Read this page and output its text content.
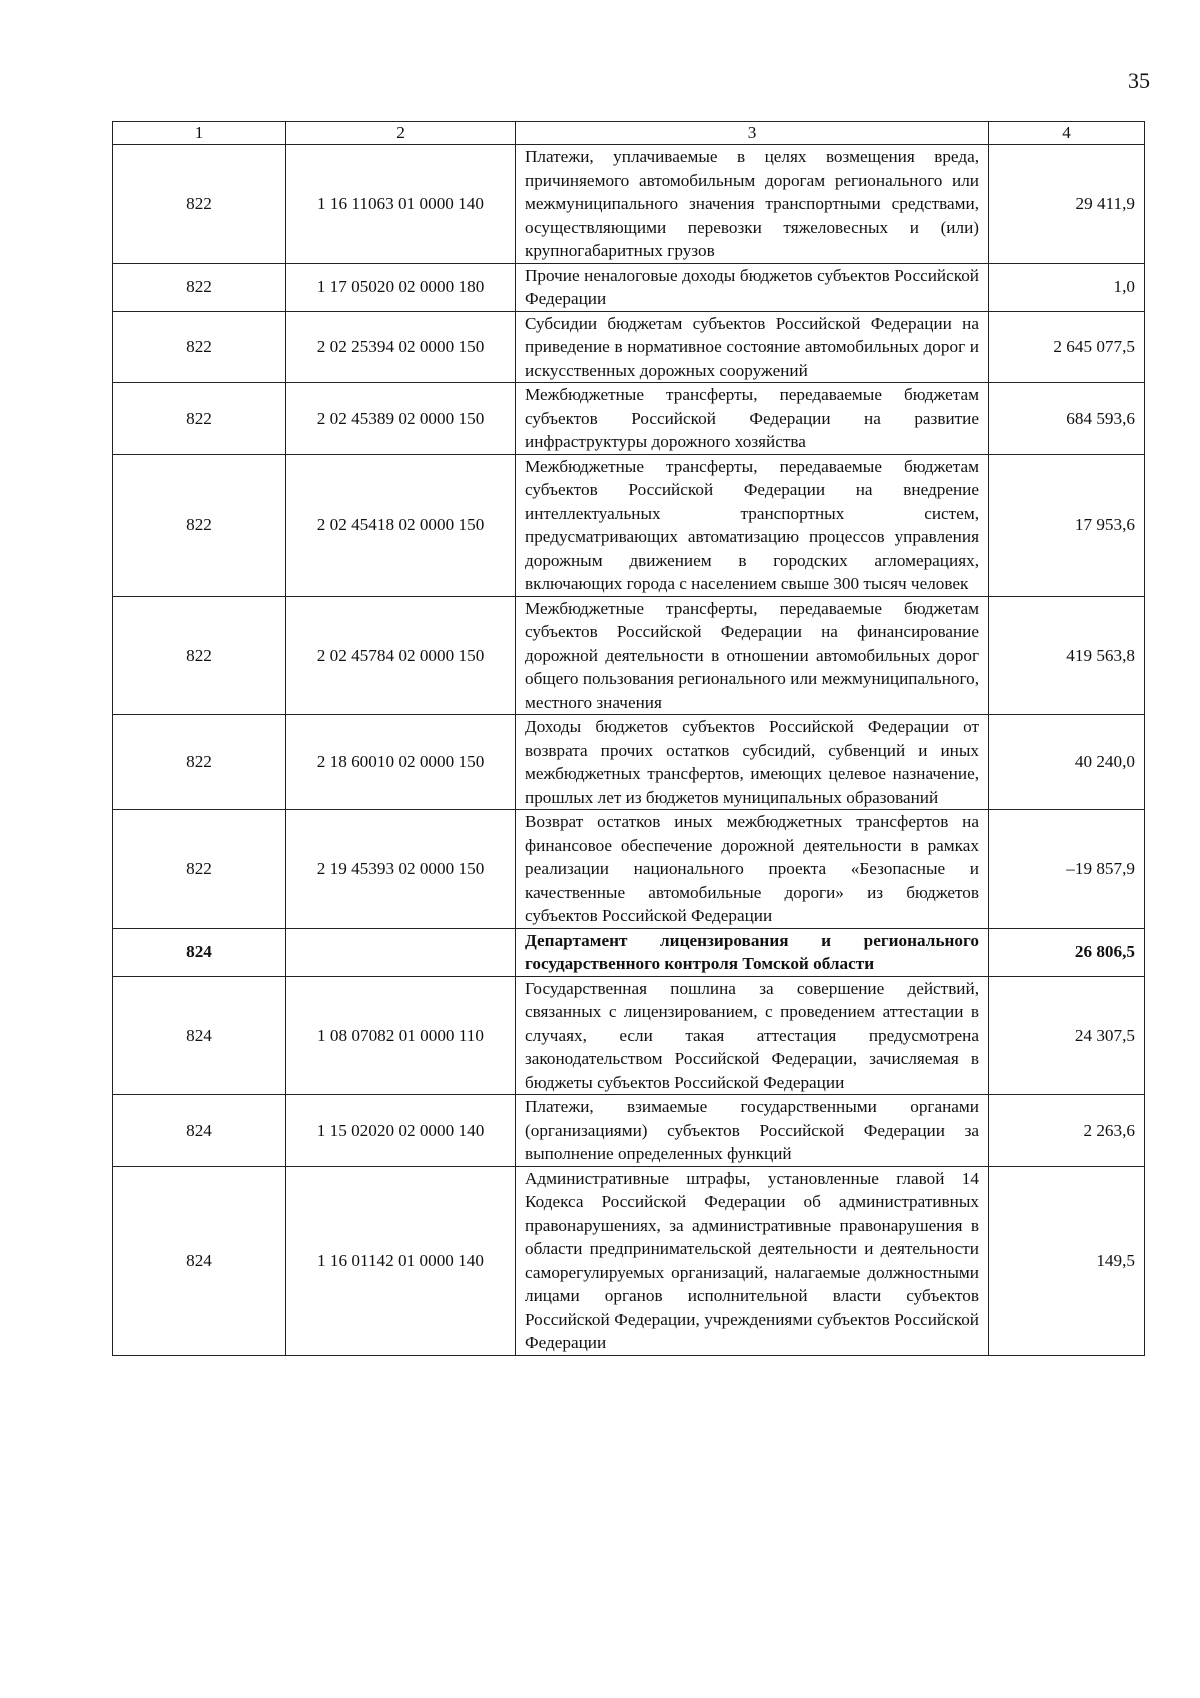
35
1	2	3	4
822	1 16 11063 01 0000 140	Платежи, уплачиваемые в целях возмещения вреда, причиняемого автомобильным дорогам регионального или межмуниципального значения транспортными средствами, осуществляющими перевозки тяжеловесных и (или) крупногабаритных грузов	29 411,9
822	1 17 05020 02 0000 180	Прочие неналоговые доходы бюджетов субъектов Российской Федерации	1,0
822	2 02 25394 02 0000 150	Субсидии бюджетам субъектов Российской Федерации на приведение в нормативное состояние автомобильных дорог и искусственных дорожных сооружений	2 645 077,5
822	2 02 45389 02 0000 150	Межбюджетные трансферты, передаваемые бюджетам субъектов Российской Федерации на развитие инфраструктуры дорожного хозяйства	684 593,6
822	2 02 45418 02 0000 150	Межбюджетные трансферты, передаваемые бюджетам субъектов Российской Федерации на внедрение интеллектуальных транспортных систем, предусматривающих автоматизацию процессов управления дорожным движением в городских агломерациях, включающих города с населением свыше 300 тысяч человек	17 953,6
822	2 02 45784 02 0000 150	Межбюджетные трансферты, передаваемые бюджетам субъектов Российской Федерации на финансирование дорожной деятельности в отношении автомобильных дорог общего пользования регионального или межмуниципального, местного значения	419 563,8
822	2 18 60010 02 0000 150	Доходы бюджетов субъектов Российской Федерации от возврата прочих остатков субсидий, субвенций и иных межбюджетных трансфертов, имеющих целевое назначение, прошлых лет из бюджетов муниципальных образований	40 240,0
822	2 19 45393 02 0000 150	Возврат остатков иных межбюджетных трансфертов на финансовое обеспечение дорожной деятельности в рамках реализации национального проекта «Безопасные и качественные автомобильные дороги» из бюджетов субъектов Российской Федерации	–19 857,9
824		Департамент лицензирования и регионального государственного контроля Томской области	26 806,5
824	1 08 07082 01 0000 110	Государственная пошлина за совершение действий, связанных с лицензированием, с проведением аттестации в случаях, если такая аттестация предусмотрена законодательством Российской Федерации, зачисляемая в бюджеты субъектов Российской Федерации	24 307,5
824	1 15 02020 02 0000 140	Платежи, взимаемые государственными органами (организациями) субъектов Российской Федерации за выполнение определенных функций	2 263,6
824	1 16 01142 01 0000 140	Административные штрафы, установленные главой 14 Кодекса Российской Федерации об административных правонарушениях, за административные правонарушения в области предпринимательской деятельности и деятельности саморегулируемых организаций, налагаемые должностными лицами органов исполнительной власти субъектов Российской Федерации, учреждениями субъектов Российской Федерации	149,5
